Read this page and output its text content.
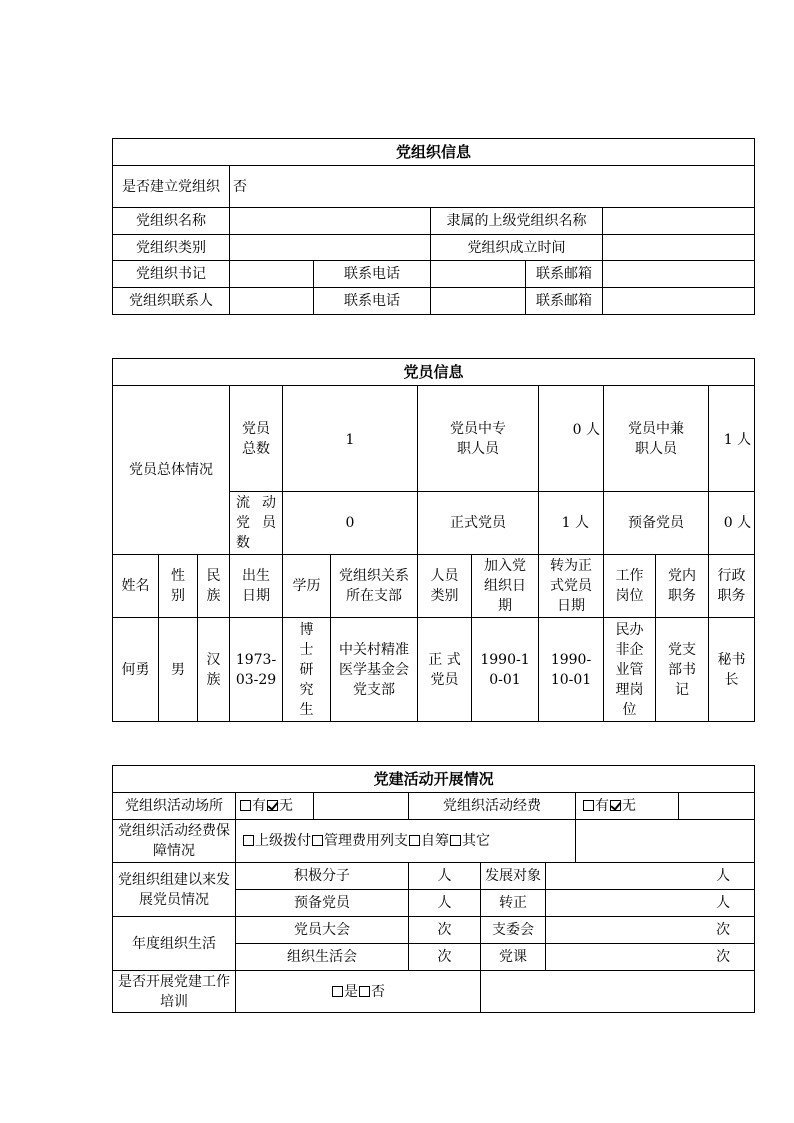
党组织信息					
是否建立党组织	否				
党组织名称			隶属的上级党组织名称		
党组织类别			党组织成立时间		
党组织书记		联系电话		联系邮箱	
党组织联系人		联系电话		联系邮箱	
党员信息											
党员总体情况			党员总数	1		党员中专职人员		0 人	党员中兼职人员		1 人
			流 动 党 员 数	0		正式党员		1 人	预备党员		0 人
姓名	性别	民族	出生日期	学历	党组织关系所在支部	人员类别	加入党组织日期	转为正式党员日期	工作岗位	党内职务	行政职务
何勇	男	汉族	1973-03-29	博士研究生	中关村精准医学基金会党支部	正 式党员	1990-10-01	1990-10-01	民办非企业管理岗位	党支部书记	秘书长
党建活动开展情况							
党组织活动场所	有 无		党组织活动经费			有 无	
党组织活动经费保障情况	上级拨付 管理费用列支 自筹 其它						
党组织组建以来发展党员情况	积极分子		人	发展对象	人		
	预备党员		人	转正	人		
年度组织生活	党员大会		次	支委会	次		
	组织生活会		次	党课	次		
是否开展党建工作培训	是 否						
